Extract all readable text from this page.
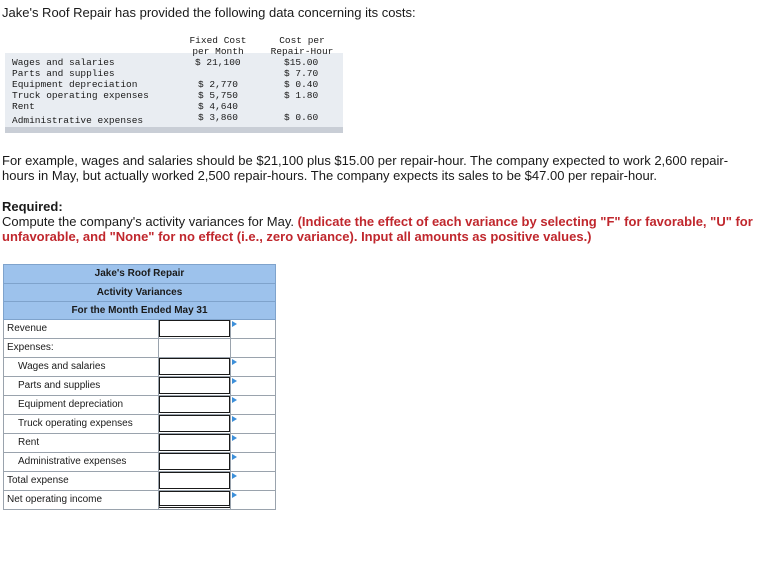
Jake's Roof Repair has provided the following data concerning its costs:
Fixed Cost
per Month
Cost per
Repair-Hour
Wages and salaries
Parts and supplies
Equipment depreciation
Truck operating expenses
Rent
Administrative expenses
$ 21,100
$ 2,770
$ 5,750
$ 4,640
$ 3,860
$15.00
$ 7.70
$ 0.40
$ 1.80
$ 0.60
For example, wages and salaries should be $21,100 plus $15.00 per repair-hour. The company expected to work 2,600 repair-hours in May, but actually worked 2,500 repair-hours. The company expects its sales to be $47.00 per repair-hour.
Required:
Compute the company's activity variances for May. (Indicate the effect of each variance by selecting "F" for favorable, "U" for unfavorable, and "None" for no effect (i.e., zero variance). Input all amounts as positive values.)
Jake's Roof Repair
Activity Variances
For the Month Ended May 31
Revenue
Expenses:
Wages and salaries
Parts and supplies
Equipment depreciation
Truck operating expenses
Rent
Administrative expenses
Total expense
Net operating income
